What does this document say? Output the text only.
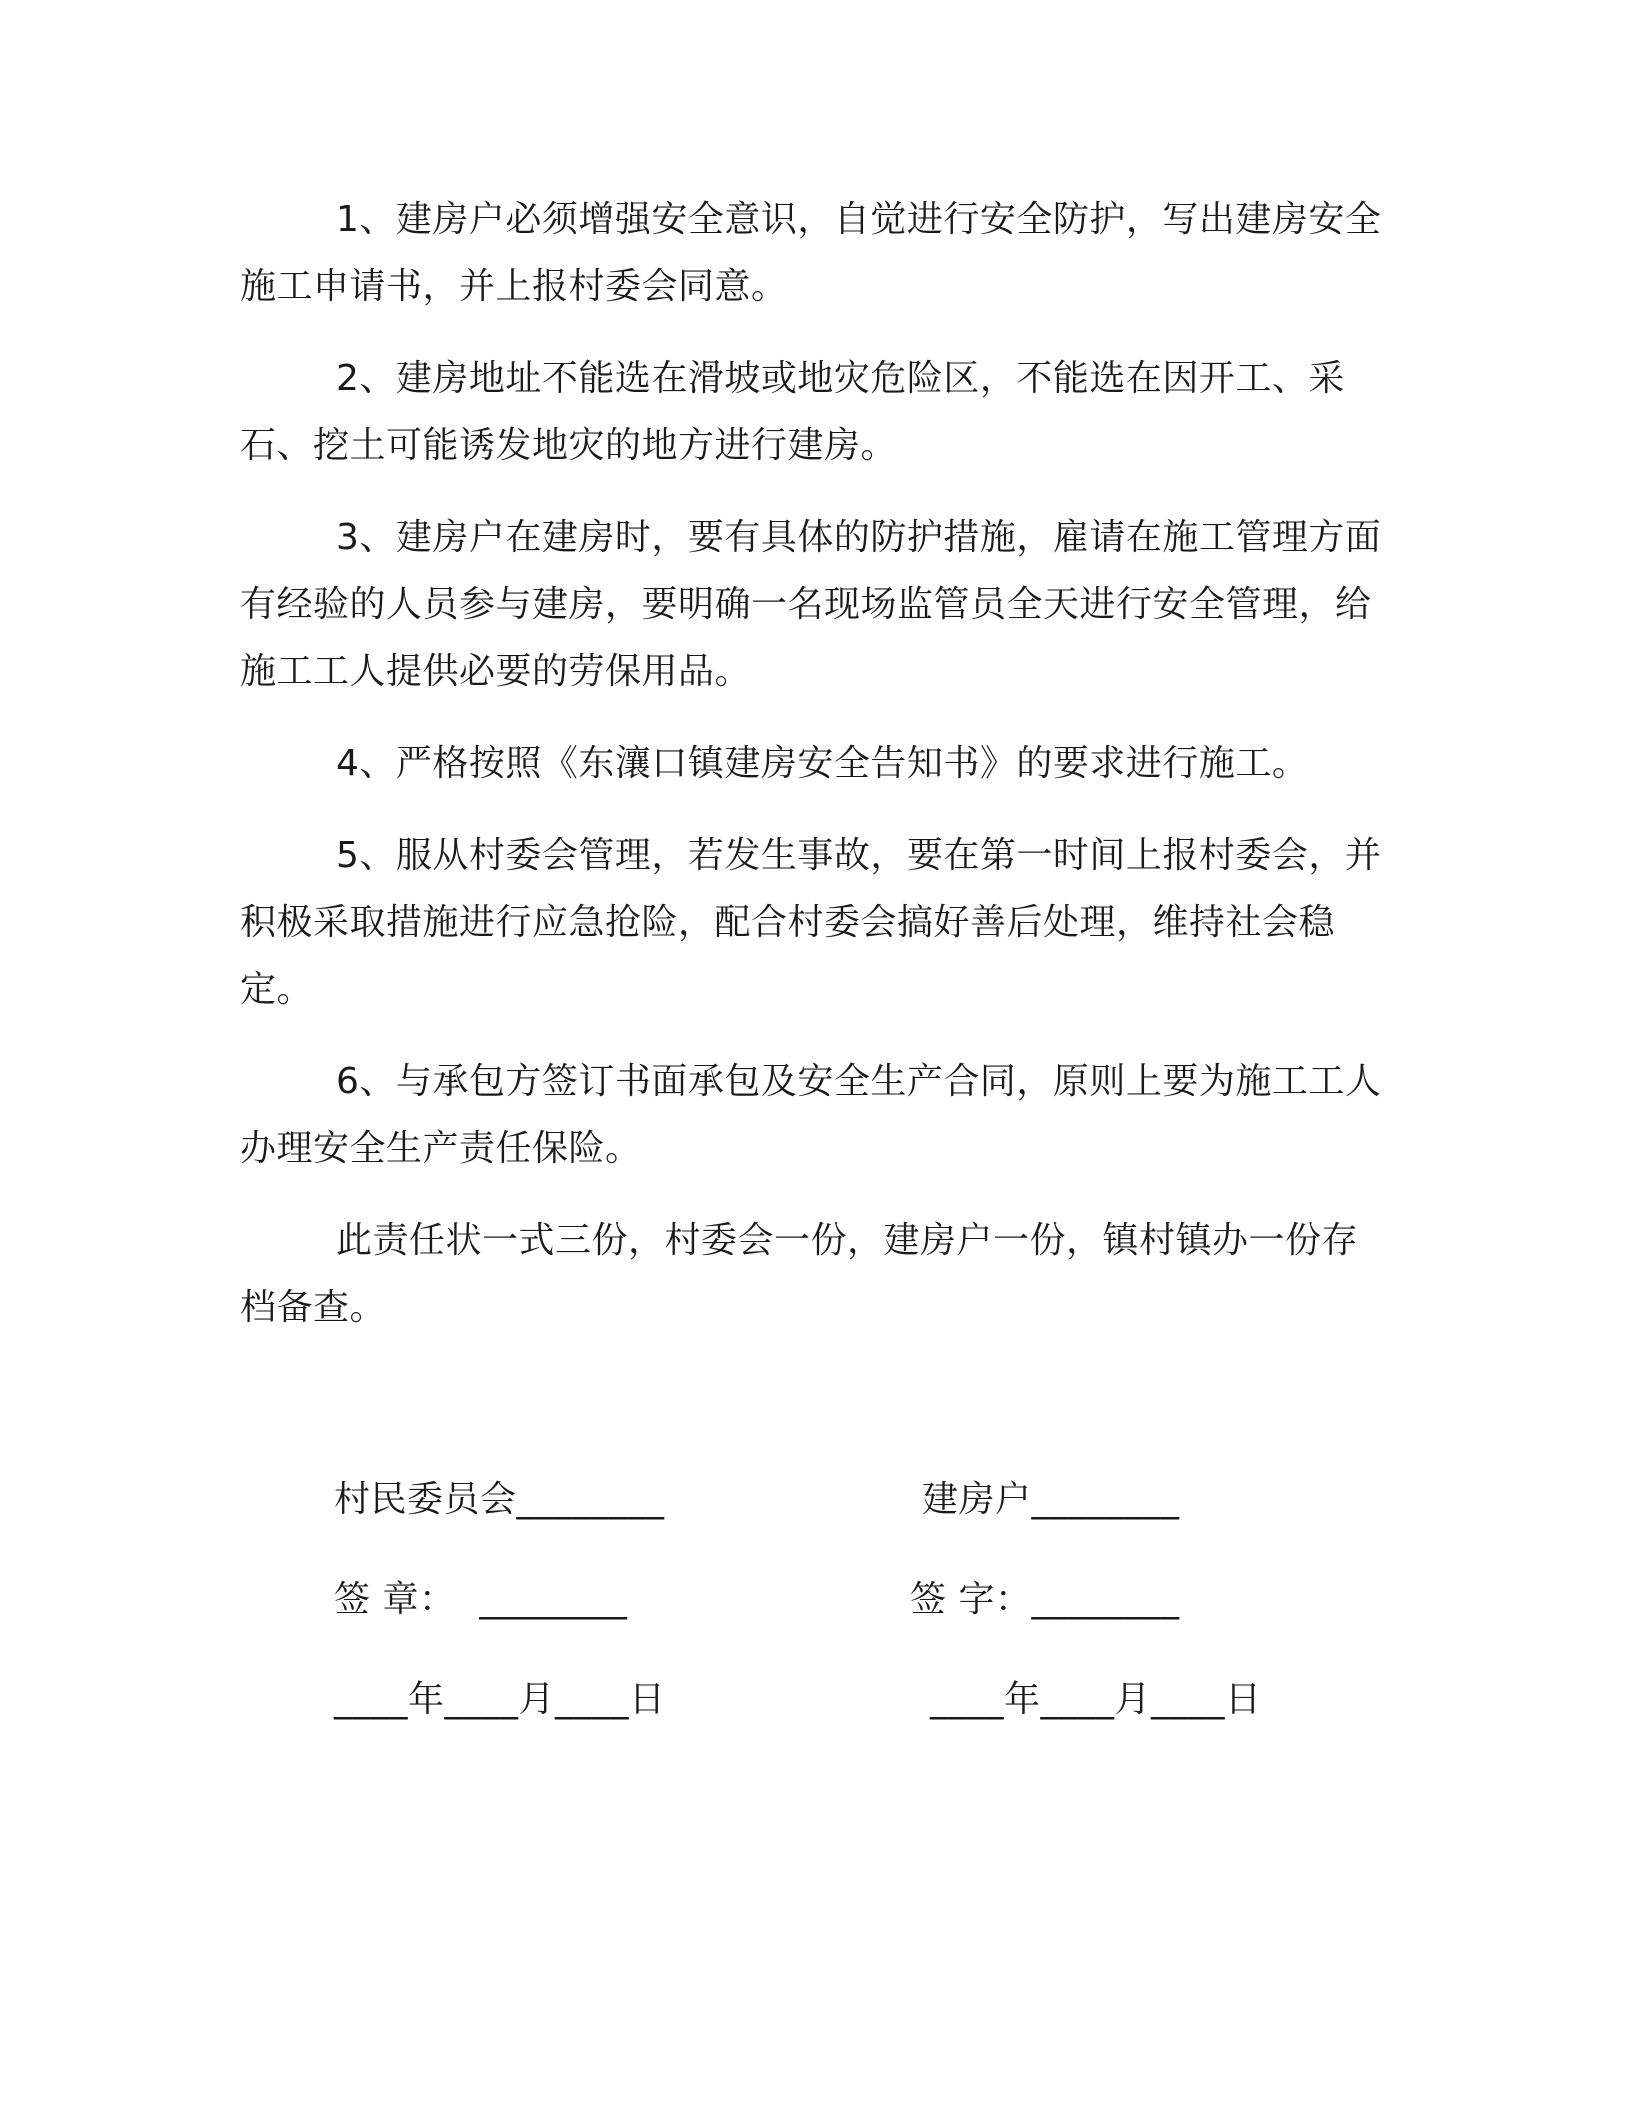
1、建房户必须增强安全意识，自觉进行安全防护，写出建房安全施工申请书，并上报村委会同意。

2、建房地址不能选在滑坡或地灾危险区，不能选在因开工、采石、挖土可能诱发地灾的地方进行建房。

3、建房户在建房时，要有具体的防护措施，雇请在施工管理方面有经验的人员参与建房，要明确一名现场监管员全天进行安全管理，给施工工人提供必要的劳保用品。

4、严格按照《东瀼口镇建房安全告知书》的要求进行施工。

5、服从村委会管理，若发生事故，要在第一时间上报村委会，并积极采取措施进行应急抢险，配合村委会搞好善后处理，维持社会稳定。

6、与承包方签订书面承包及安全生产合同，原则上要为施工工人办理安全生产责任保险。

此责任状一式三份，村委会一份，建房户一份，镇村镇办一份存档备查。

村民委员会________
签 章：  ________
____年____月____日
建房户________
签 字：________
____年____月____日
